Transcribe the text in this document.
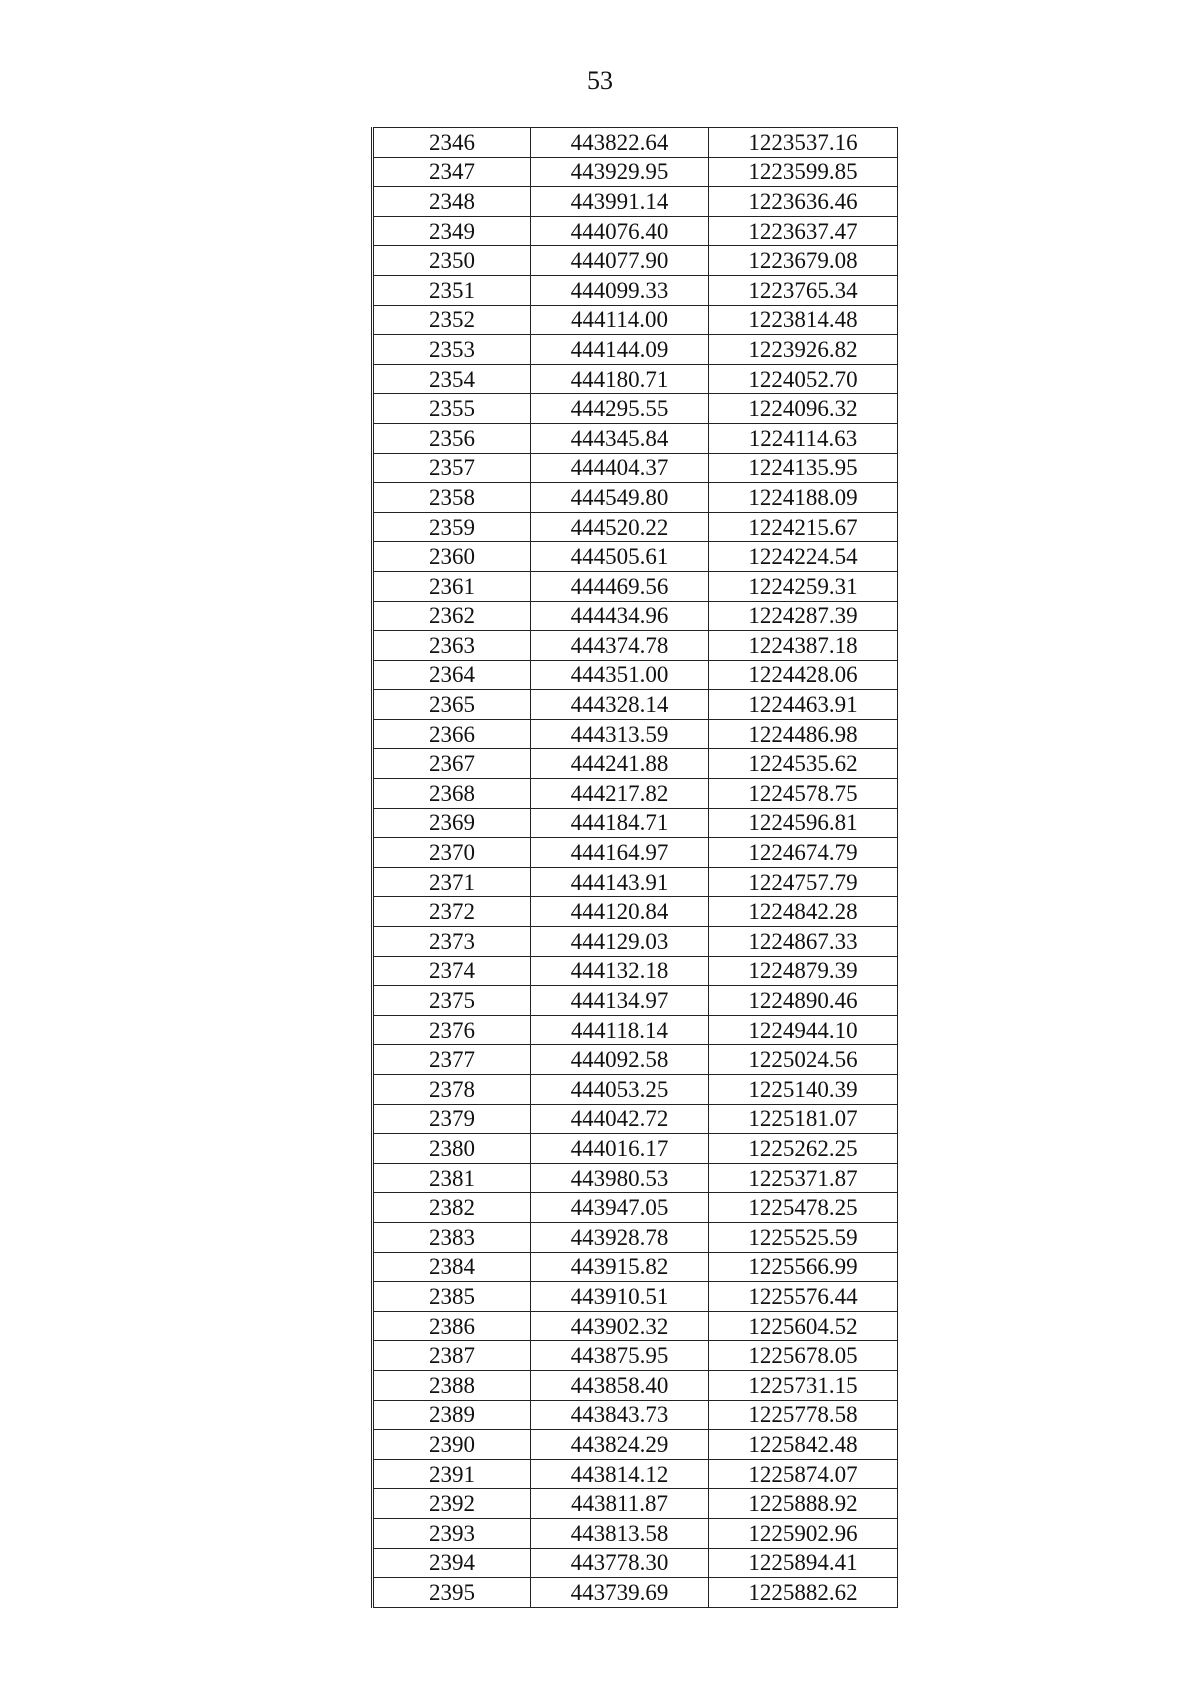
53
2346	443822.64	1223537.16
2347	443929.95	1223599.85
2348	443991.14	1223636.46
2349	444076.40	1223637.47
2350	444077.90	1223679.08
2351	444099.33	1223765.34
2352	444114.00	1223814.48
2353	444144.09	1223926.82
2354	444180.71	1224052.70
2355	444295.55	1224096.32
2356	444345.84	1224114.63
2357	444404.37	1224135.95
2358	444549.80	1224188.09
2359	444520.22	1224215.67
2360	444505.61	1224224.54
2361	444469.56	1224259.31
2362	444434.96	1224287.39
2363	444374.78	1224387.18
2364	444351.00	1224428.06
2365	444328.14	1224463.91
2366	444313.59	1224486.98
2367	444241.88	1224535.62
2368	444217.82	1224578.75
2369	444184.71	1224596.81
2370	444164.97	1224674.79
2371	444143.91	1224757.79
2372	444120.84	1224842.28
2373	444129.03	1224867.33
2374	444132.18	1224879.39
2375	444134.97	1224890.46
2376	444118.14	1224944.10
2377	444092.58	1225024.56
2378	444053.25	1225140.39
2379	444042.72	1225181.07
2380	444016.17	1225262.25
2381	443980.53	1225371.87
2382	443947.05	1225478.25
2383	443928.78	1225525.59
2384	443915.82	1225566.99
2385	443910.51	1225576.44
2386	443902.32	1225604.52
2387	443875.95	1225678.05
2388	443858.40	1225731.15
2389	443843.73	1225778.58
2390	443824.29	1225842.48
2391	443814.12	1225874.07
2392	443811.87	1225888.92
2393	443813.58	1225902.96
2394	443778.30	1225894.41
2395	443739.69	1225882.62
